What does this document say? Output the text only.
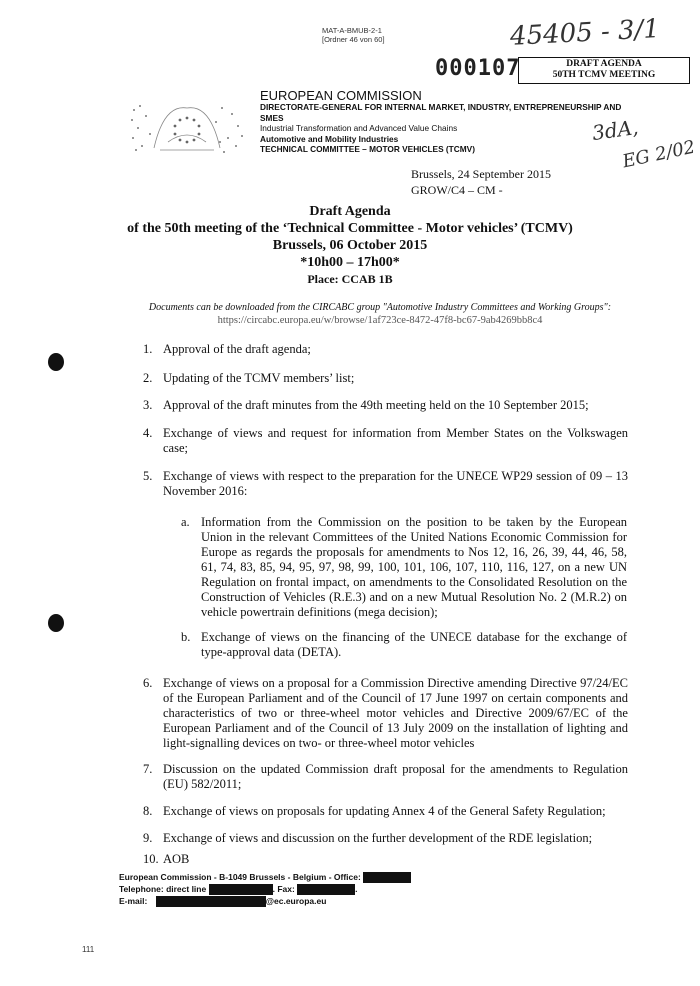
MAT-A-BMUB-2-1
[Ordner 46 von 60]	45405 - 3/1
3dA,
EG 2/02
000107	DRAFT AGENDA
50TH TCMV MEETING
EUROPEAN COMMISSION
DIRECTORATE-GENERAL FOR INTERNAL MARKET, INDUSTRY, ENTREPRENEURSHIP AND
SMES
Industrial Transformation and Advanced Value Chains
Automotive and Mobility Industries
TECHNICAL COMMITTEE – MOTOR VEHICLES (TCMV)
Brussels, 24 September 2015
GROW/C4 – CM -
Draft Agenda
of the 50th meeting of the ‘Technical Committee - Motor vehicles’ (TCMV)
Brussels, 06 October 2015
*10h00 – 17h00*
Place: CCAB 1B
Documents can be downloaded from the CIRCABC group "Automotive Industry Committees and Working Groups":
https://circabc.europa.eu/w/browse/1af723ce-8472-47f8-bc67-9ab4269bb8c4
1. Approval of the draft agenda;
2. Updating of the TCMV members’ list;
3. Approval of the draft minutes from the 49th meeting held on the 10 September 2015;
4. Exchange of views and request for information from Member States on the Volkswagen case;
5. Exchange of views with respect to the preparation for the UNECE WP29 session of 09 – 13 November 2016:
a. Information from the Commission on the position to be taken by the European Union in the relevant Committees of the United Nations Economic Commission for Europe as regards the proposals for amendments to Nos 12, 16, 26, 39, 44, 46, 58, 61, 74, 83, 85, 94, 95, 97, 98, 99, 100, 101, 106, 107, 110, 116, 127, on a new UN Regulation on frontal impact, on amendments to the Consolidated Resolution on the Construction of Vehicles (R.E.3) and on a new Mutual Resolution No. 2 (M.R.2) on vehicle powertrain definitions (mega decision);
b. Exchange of views on the financing of the UNECE database for the exchange of type-approval data (DETA).
6. Exchange of views on a proposal for a Commission Directive amending Directive 97/24/EC of the European Parliament and of the Council of 17 June 1997 on certain components and characteristics of two or three-wheel motor vehicles and Directive 2009/67/EC of the European Parliament and of the Council of 13 July 2009 on the installation of lighting and light-signalling devices on two- or three-wheel motor vehicles
7. Discussion on the updated Commission draft proposal for the amendments to Regulation (EU) 582/2011;
8. Exchange of views on proposals for updating Annex 4 of the General Safety Regulation;
9. Exchange of views and discussion on the further development of the RDE legislation;
10. AOB
European Commission - B-1049 Brussels - Belgium - Office:
Telephone: direct line	. Fax:	.
E-mail:	@ec.europa.eu
111
